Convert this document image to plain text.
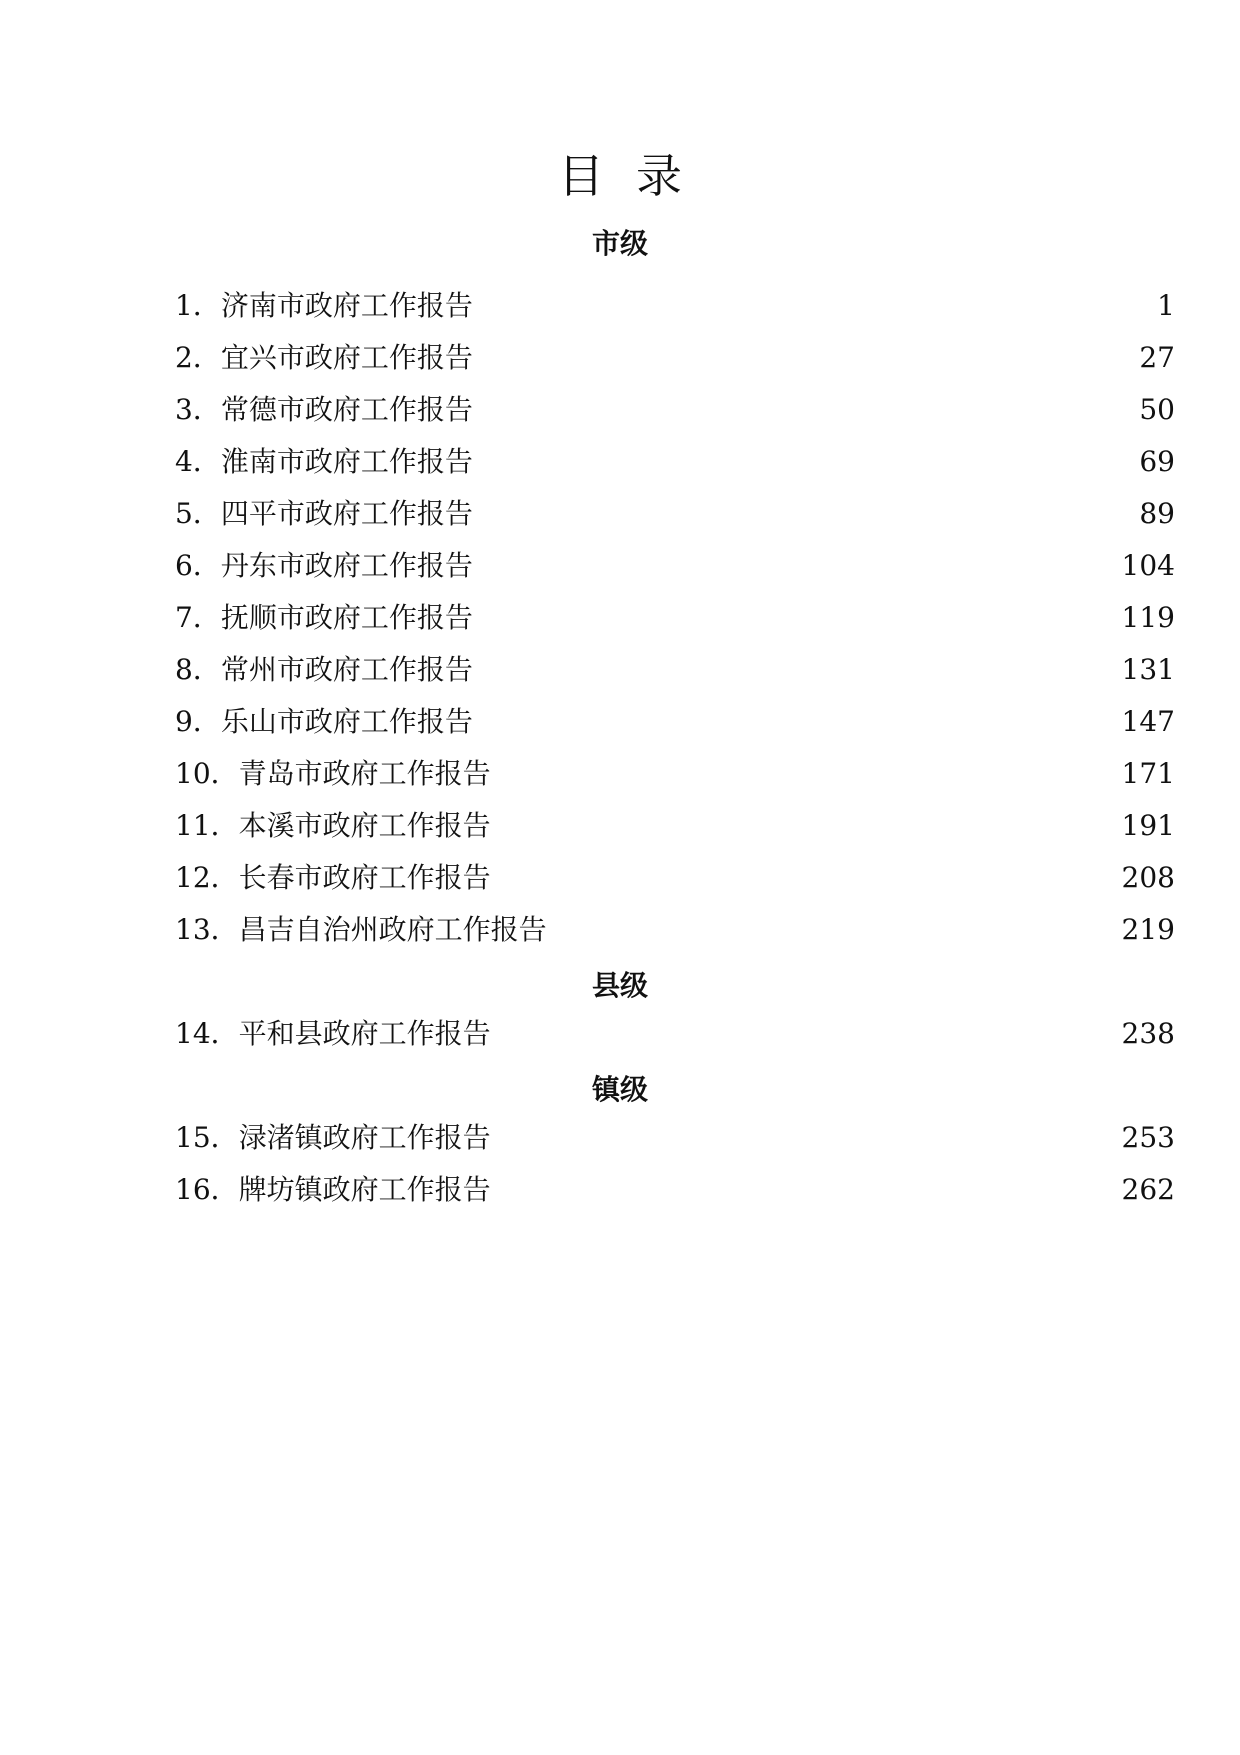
目录
市级
1．济南市政府工作报告	1
2．宜兴市政府工作报告	27
3．常德市政府工作报告	50
4．淮南市政府工作报告	69
5．四平市政府工作报告	89
6．丹东市政府工作报告	104
7．抚顺市政府工作报告	119
8．常州市政府工作报告	131
9．乐山市政府工作报告	147
10．青岛市政府工作报告	171
11．本溪市政府工作报告	191
12．长春市政府工作报告	208
13．昌吉自治州政府工作报告	219
县级
14．平和县政府工作报告	238
镇级
15．渌渚镇政府工作报告	253
16．牌坊镇政府工作报告	262
